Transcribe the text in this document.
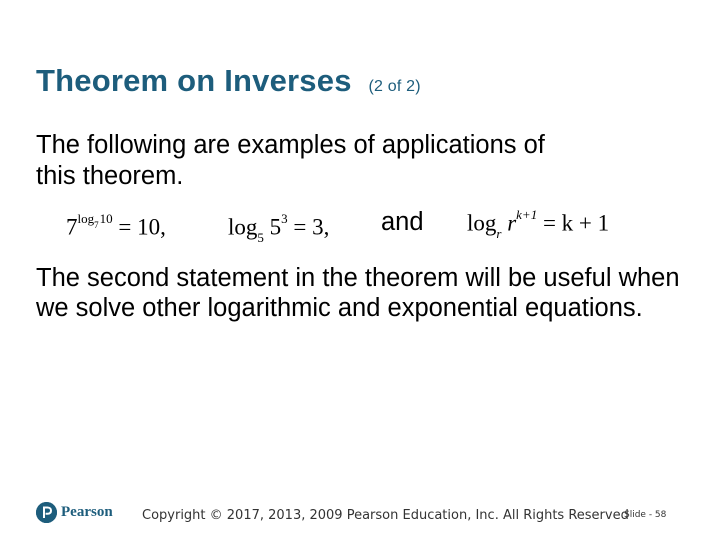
Theorem on Inverses (2 of 2)
The following are examples of applications of
this theorem.
$7^{log_710} = 10$,	$\log_5 5^3 = 3$, and $\log_r r^{k+1} = k + 1$
The second statement in the theorem will be useful when we solve other logarithmic and exponential equations.
Pearson Copyright © 2017, 2013, 2009 Pearson Education, Inc. All Rights Reserved
Slide - 58
